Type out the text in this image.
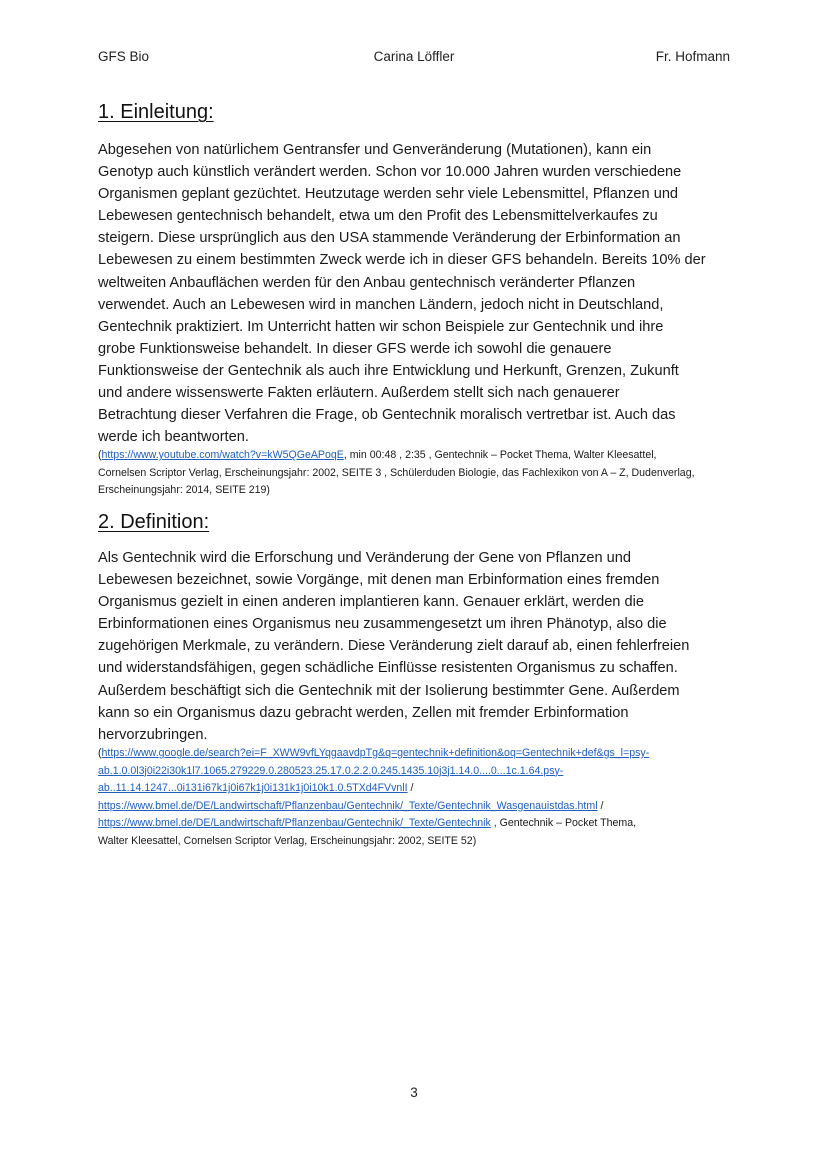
GFS Bio	Carina Löffler	Fr. Hofmann
1. Einleitung:
Abgesehen von natürlichem Gentransfer und Genveränderung (Mutationen), kann ein
Genotyp auch künstlich verändert werden. Schon vor 10.000 Jahren wurden verschiedene
Organismen geplant gezüchtet. Heutzutage werden sehr viele Lebensmittel, Pflanzen und
Lebewesen gentechnisch behandelt, etwa um den Profit des Lebensmittelverkaufes zu
steigern. Diese ursprünglich aus den USA stammende Veränderung der Erbinformation an
Lebewesen zu einem bestimmten Zweck werde ich in dieser GFS behandeln. Bereits 10% der
weltweiten Anbauflächen werden für den Anbau gentechnisch veränderter Pflanzen
verwendet. Auch an Lebewesen wird in manchen Ländern, jedoch nicht in Deutschland,
Gentechnik praktiziert. Im Unterricht hatten wir schon Beispiele zur Gentechnik und ihre
grobe Funktionsweise behandelt. In dieser GFS werde ich sowohl die genauere
Funktionsweise der Gentechnik als auch ihre Entwicklung und Herkunft, Grenzen, Zukunft
und andere wissenswerte Fakten erläutern. Außerdem stellt sich nach genauerer
Betrachtung dieser Verfahren die Frage, ob Gentechnik moralisch vertretbar ist. Auch das
werde ich beantworten.
(https://www.youtube.com/watch?v=kW5QGeAPoqE, min 00:48 , 2:35 , Gentechnik – Pocket Thema, Walter Kleesattel,
Cornelsen Scriptor Verlag, Erscheinungsjahr: 2002, SEITE 3 , Schülerduden Biologie, das Fachlexikon von A – Z, Dudenverlag,
Erscheinungsjahr: 2014, SEITE 219)
2. Definition:
Als Gentechnik wird die Erforschung und Veränderung der Gene von Pflanzen und
Lebewesen bezeichnet, sowie Vorgänge, mit denen man Erbinformation eines fremden
Organismus gezielt in einen anderen implantieren kann. Genauer erklärt, werden die
Erbinformationen eines Organismus neu zusammengesetzt um ihren Phänotyp, also die
zugehörigen Merkmale, zu verändern. Diese Veränderung zielt darauf ab, einen fehlerfreien
und widerstandsfähigen, gegen schädliche Einflüsse resistenten Organismus zu schaffen.
Außerdem beschäftigt sich die Gentechnik mit der Isolierung bestimmter Gene. Außerdem
kann so ein Organismus dazu gebracht werden, Zellen mit fremder Erbinformation
hervorzubringen.
(https://www.google.de/search?ei=F_XWW9vfLYqgaavdpTg&q=gentechnik+definition&oq=Gentechnik+def&gs_l=psy-
ab.1.0.0l3j0i22i30k1l7.1065.279229.0.280523.25.17.0.2.2.0.245.1435.10j3j1.14.0....0...1c.1.64.psy-
ab..11.14.1247...0i131i67k1j0i67k1j0i131k1j0i10k1.0.5TXd4FVvnlI /
https://www.bmel.de/DE/Landwirtschaft/Pflanzenbau/Gentechnik/_Texte/Gentechnik_Wasgenauistdas.html /
https://www.bmel.de/DE/Landwirtschaft/Pflanzenbau/Gentechnik/_Texte/Gentechnik , Gentechnik – Pocket Thema,
Walter Kleesattel, Cornelsen Scriptor Verlag, Erscheinungsjahr: 2002, SEITE 52)
3
